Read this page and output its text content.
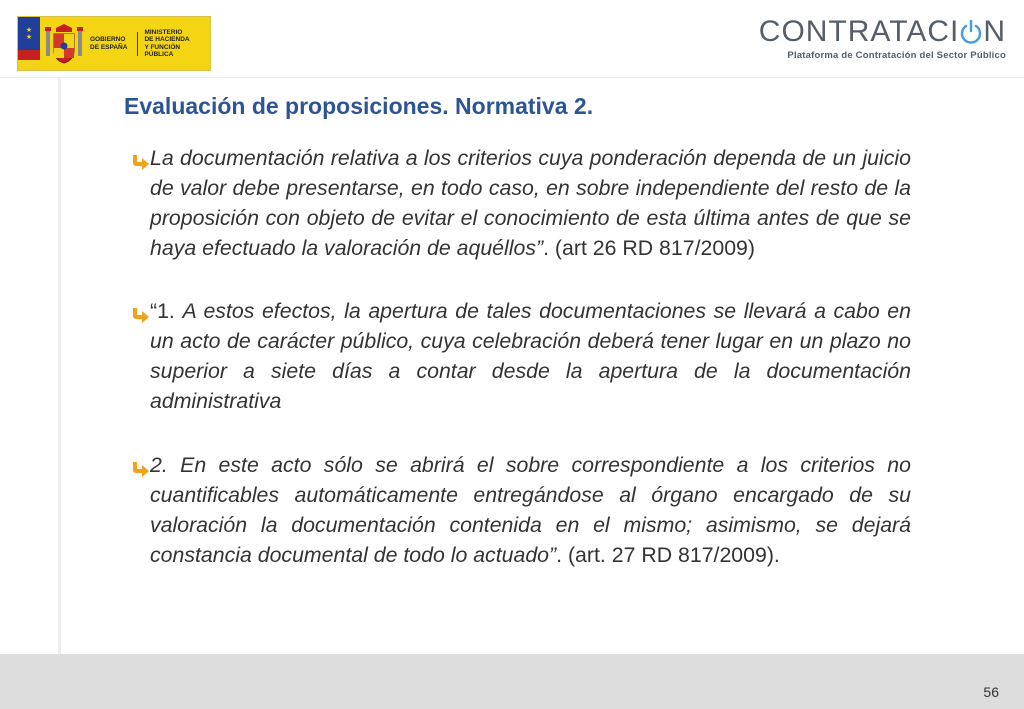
★
★	GOBIERNO
DE ESPAÑA
MINISTERIO
DE HACIENDA
Y FUNCIÓN PÚBLICA
CONTRATACI N
Plataforma de Contratación del Sector Público
Evaluación de proposiciones. Normativa 2.
La documentación relativa a los criterios cuya ponderación dependa de un juicio de valor debe presentarse, en todo caso, en sobre independiente del resto de la proposición con objeto de evitar el conocimiento de esta última antes de que se haya efectuado la valoración de aquéllos”. (art 26 RD 817/2009)
“1. A estos efectos, la apertura de tales documentaciones se llevará a cabo en un acto de carácter público, cuya celebración deberá tener lugar en un plazo no superior a siete días a contar desde la apertura de la documentación administrativa
2. En este acto sólo se abrirá el sobre correspondiente a los criterios no cuantificables automáticamente entregándose al órgano encargado de su valoración la documentación contenida en el mismo; asimismo, se dejará constancia documental de todo lo actuado”. (art. 27 RD 817/2009).
56
